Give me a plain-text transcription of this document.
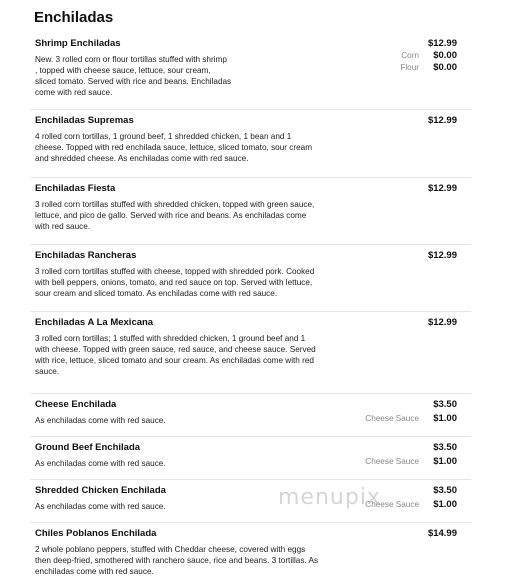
Enchiladas
Shrimp Enchiladas	$12.99
New. 3 rolled corn or flour tortillas stuffed with shrimp
, topped with cheese sauce, lettuce, sour cream,
sliced tomato. Served with rice and beans. Enchiladas
come with red sauce.
Corn $0.00
Flour $0.00
Enchiladas Supremas	$12.99
4 rolled corn tortillas, 1 ground beef, 1 shredded chicken, 1 bean and 1
cheese. Topped with red enchilada sauce, lettuce, sliced tomato, sour cream
and shredded cheese. As enchiladas come with red sauce.
Enchiladas Fiesta	$12.99
3 rolled corn tortillas stuffed with shredded chicken, topped with green sauce,
lettuce, and pico de gallo. Served with rice and beans. As enchiladas come
with red sauce.
Enchiladas Rancheras	$12.99
3 rolled corn tortillas stuffed with cheese, topped with shredded pork. Cooked
with bell peppers, onions, tomato, and red sauce on top. Served with lettuce,
sour cream and sliced tomato. As enchiladas come with red sauce.
Enchiladas A La Mexicana	$12.99
3 rolled corn tortillas; 1 stuffed with shredded chicken, 1 ground beef and 1
with cheese. Topped with green sauce, red sauce, and cheese sauce. Served
with rice, lettuce, sliced tomato and sour cream. As enchiladas come with red
sauce.
Cheese Enchilada	$3.50
As enchiladas come with red sauce.	Cheese Sauce $1.00
Ground Beef Enchilada	$3.50
As enchiladas come with red sauce.	Cheese Sauce $1.00
Shredded Chicken Enchilada	$3.50
As enchiladas come with red sauce.	Cheese Sauce $1.00
Chiles Poblanos Enchilada	$14.99
2 whole poblano peppers, stuffed with Cheddar cheese, covered with eggs
then deep-fried, smothered with ranchero sauce, rice and beans. 3 tortillas. As
enchiladas come with red sauce.
menupix
